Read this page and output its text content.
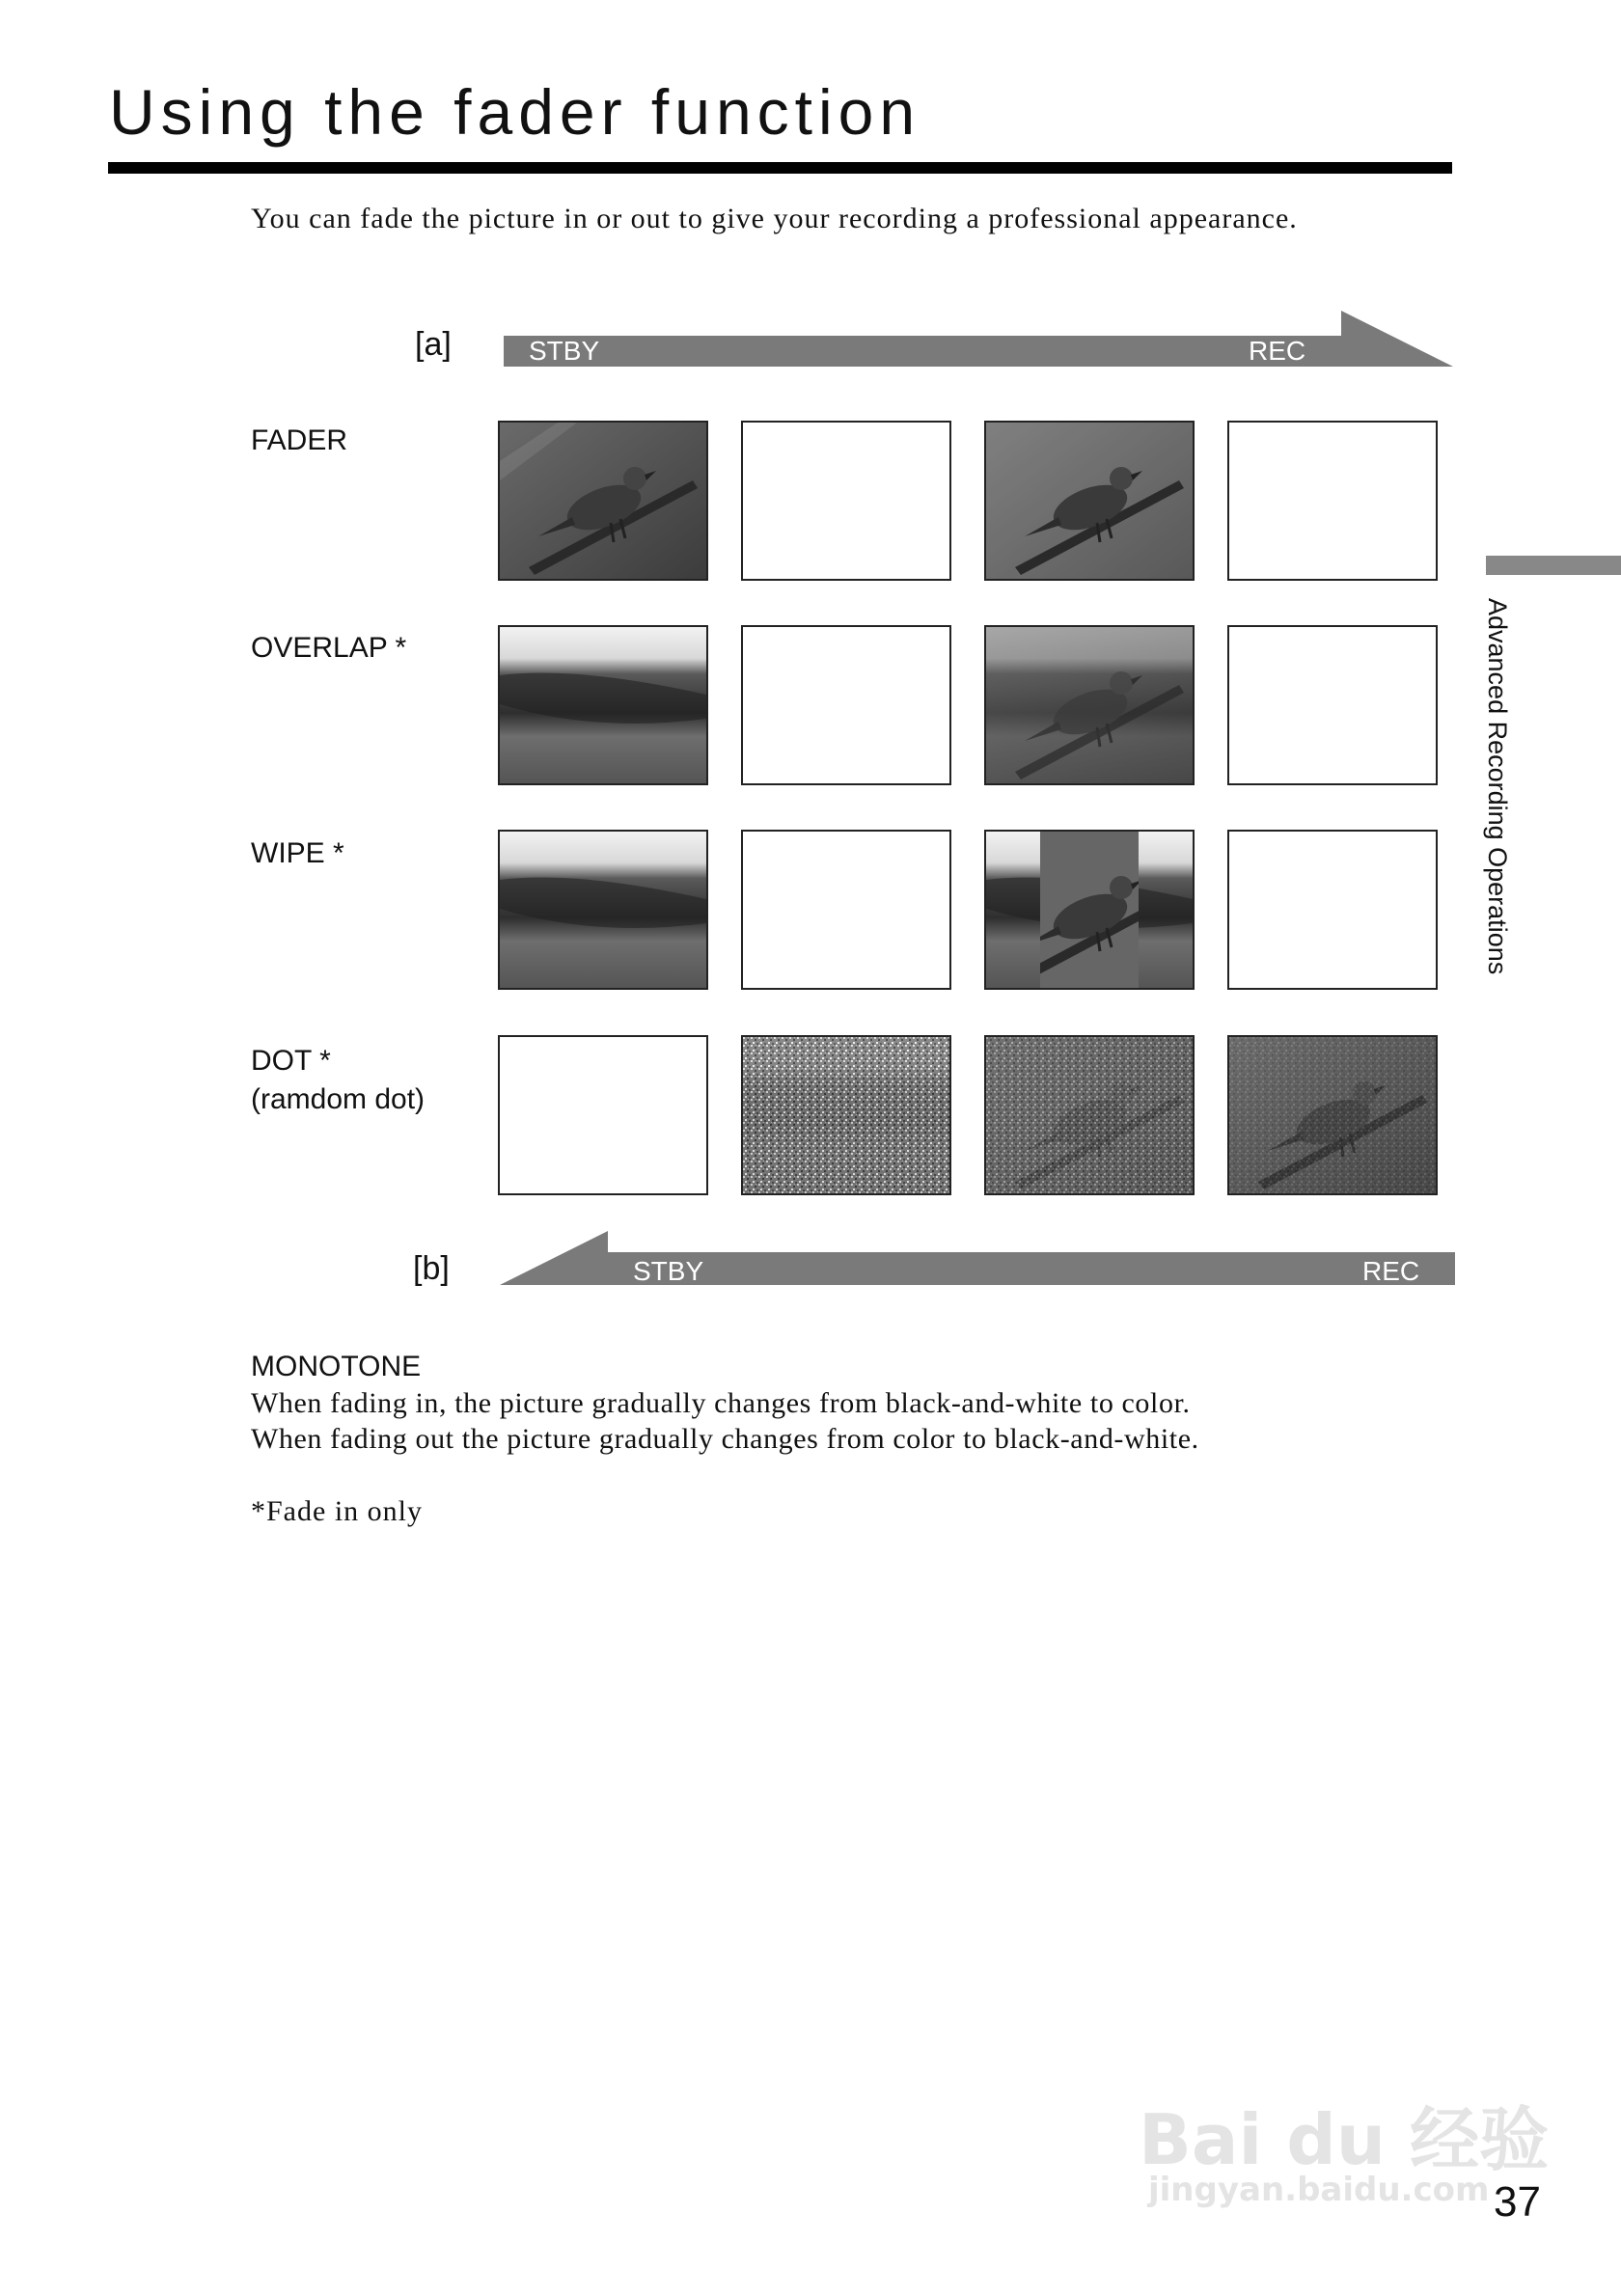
Using the fader function
You can fade the picture in or out to give your recording a professional appearance.
Advanced Recording Operations
[a]	STBY	REC
FADER
OVERLAP *
WIPE *
DOT *
(ramdom dot)
[b]	STBY	REC
MONOTONE
When fading in, the picture gradually changes from black-and-white to color.
When fading out the picture gradually changes from color to black-and-white.
*Fade in only
Bai du 经验
jingyan.baidu.com 37
